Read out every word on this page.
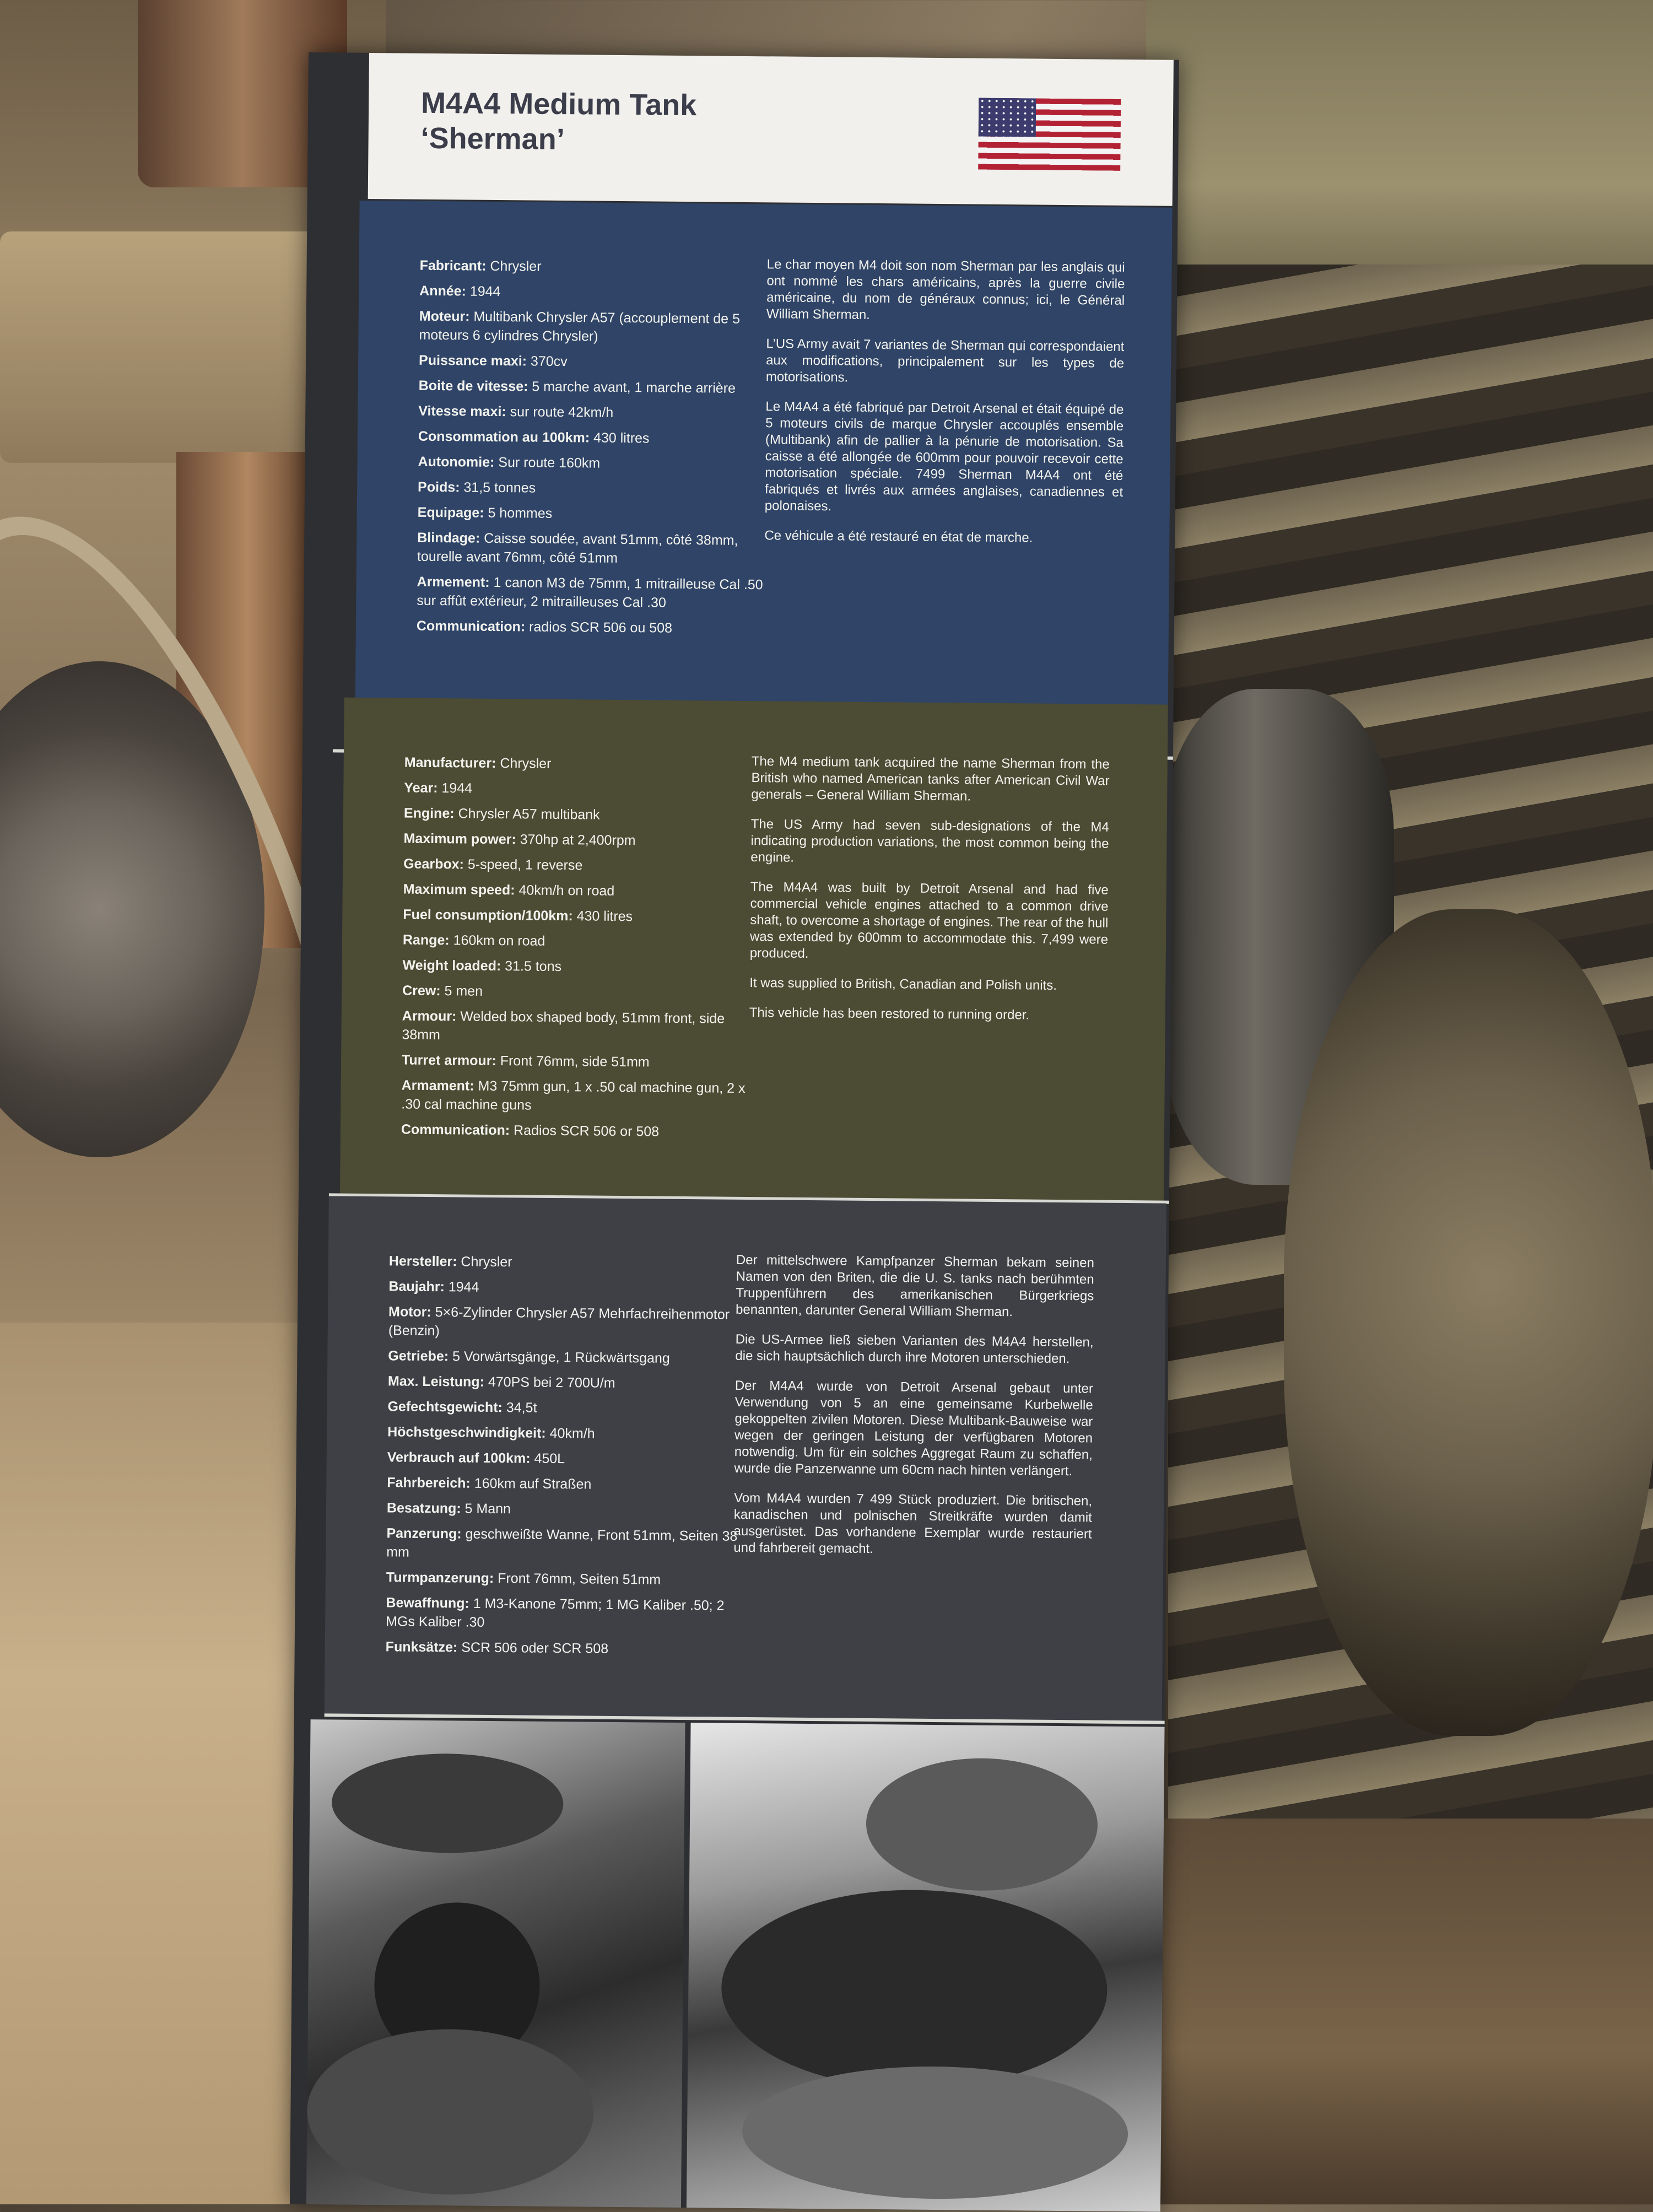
M4A4 Medium Tank
‘Sherman’

Fabricant: Chrysler

Année: 1944

Moteur: Multibank Chrysler A57 (accouplement de 5 moteurs 6 cylindres Chrysler)

Puissance maxi: 370cv

Boite de vitesse: 5 marche avant, 1 marche arrière

Vitesse maxi: sur route 42km/h

Consommation au 100km: 430 litres

Autonomie: Sur route 160km

Poids: 31,5 tonnes

Equipage: 5 hommes

Blindage: Caisse soudée, avant 51mm, côté 38mm, tourelle avant 76mm, côté 51mm

Armement: 1 canon M3 de 75mm, 1 mitrailleuse Cal .50 sur affût extérieur, 2 mitrailleuses Cal .30

Communication: radios SCR 506 ou 508

Le char moyen M4 doit son nom Sherman par les anglais qui ont nommé les chars américains, après la guerre civile américaine, du nom de généraux connus; ici, le Général William Sherman.

L’US Army avait 7 variantes de Sherman qui correspondaient aux modifications, principalement sur les types de motorisations.

Le M4A4 a été fabriqué par Detroit Arsenal et était équipé de 5 moteurs civils de marque Chrysler accouplés ensemble (Multibank) afin de pallier à la pénurie de motorisation. Sa caisse a été allongée de 600mm pour pouvoir recevoir cette motorisation spéciale. 7499 Sherman M4A4 ont été fabriqués et livrés aux armées anglaises, canadiennes et polonaises.

Ce véhicule a été restauré en état de marche.

Manufacturer: Chrysler

Year: 1944

Engine: Chrysler A57 multibank

Maximum power: 370hp at 2,400rpm

Gearbox: 5-speed, 1 reverse

Maximum speed: 40km/h on road

Fuel consumption/100km: 430 litres

Range: 160km on road

Weight loaded: 31.5 tons

Crew: 5 men

Armour: Welded box shaped body, 51mm front, side 38mm

Turret armour: Front 76mm, side 51mm

Armament: M3 75mm gun, 1 x .50 cal machine gun, 2 x .30 cal machine guns

Communication: Radios SCR 506 or 508

The M4 medium tank acquired the name Sherman from the British who named American tanks after American Civil War generals – General William Sherman.

The US Army had seven sub-designations of the M4 indicating production variations, the most common being the engine.

The M4A4 was built by Detroit Arsenal and had five commercial vehicle engines attached to a common drive shaft, to overcome a shortage of engines. The rear of the hull was extended by 600mm to accommodate this. 7,499 were produced.

It was supplied to British, Canadian and Polish units.

This vehicle has been restored to running order.

Hersteller: Chrysler

Baujahr: 1944

Motor: 5×6-Zylinder Chrysler A57 Mehrfachreihenmotor (Benzin)

Getriebe: 5 Vorwärtsgänge, 1 Rückwärtsgang

Max. Leistung: 470PS bei 2 700U/m

Gefechtsgewicht: 34,5t

Höchstgeschwindigkeit: 40km/h

Verbrauch auf 100km: 450L

Fahrbereich: 160km auf Straßen

Besatzung: 5 Mann

Panzerung: geschweißte Wanne, Front 51mm, Seiten 38 mm

Turmpanzerung: Front 76mm, Seiten 51mm

Bewaffnung: 1 M3-Kanone 75mm; 1 MG Kaliber .50; 2 MGs Kaliber .30

Funksätze: SCR 506 oder SCR 508

Der mittelschwere Kampfpanzer Sherman bekam seinen Namen von den Briten, die die U. S. tanks nach berühmten Truppenführern des amerikanischen Bürgerkriegs benannten, darunter General William Sherman.

Die US-Armee ließ sieben Varianten des M4A4 herstellen, die sich hauptsächlich durch ihre Motoren unterschieden.

Der M4A4 wurde von Detroit Arsenal gebaut unter Verwendung von 5 an eine gemeinsame Kurbelwelle gekoppelten zivilen Motoren. Diese Multibank-Bauweise war wegen der geringen Leistung der verfügbaren Motoren notwendig. Um für ein solches Aggregat Raum zu schaffen, wurde die Panzerwanne um 60cm nach hinten verlängert.

Vom M4A4 wurden 7 499 Stück produziert. Die britischen, kanadischen und polnischen Streitkräfte wurden damit ausgerüstet. Das vorhandene Exemplar wurde restauriert und fahrbereit gemacht.
